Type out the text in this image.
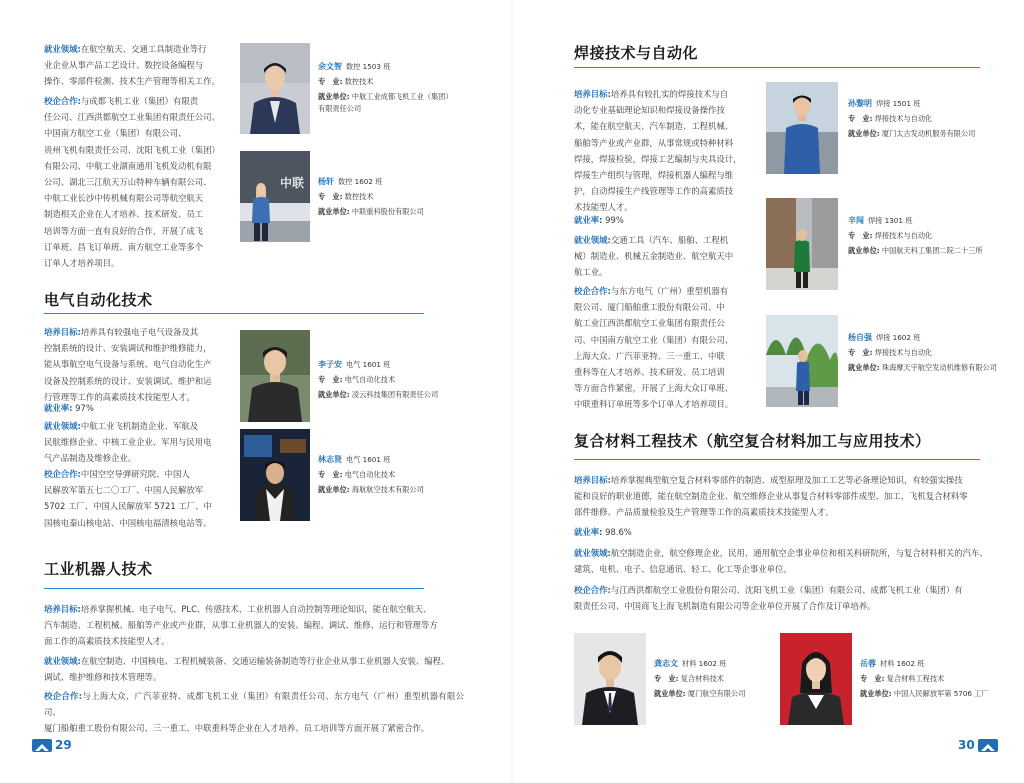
就业领域:在航空航天、交通工具制造业等行
业企业从事产品工艺设计、数控设备编程与
操作、零部件检测、技术生产管理等相关工作。
校企合作:与成都飞机工业（集团）有限责
任公司、江西洪都航空工业集团有限责任公司、
中国南方航空工业（集团）有限公司、
贵州飞机有限责任公司、沈阳飞机工业（集团）
有限公司、中航工业湖南通用飞机发动机有限
公司、湖北三江航天万山特种车辆有限公司、
中航工业长沙中传机械有限公司等航空航天
制造相关企业在人才培养、技术研发、员工
培训等方面一直有良好的合作，开展了成飞
订单班、昌飞订单班、南方航空工业等多个
订单人才培养项目。
余文智 数控 1503 班
专　业: 数控技术
就业单位: 中航工业成都飞机工业（集团）
有限责任公司
中联 杨轩 数控 1602 班
专　业: 数控技术
就业单位: 中联重科股份有限公司
电气自动化技术
培养目标:培养具有较强电子电气设备及其
控制系统的设计、安装调试和维护维修能力，
能从事航空电气设备与系统、电气自动化生产
设备及控制系统的设计、安装调试、维护和运
行管理等工作的高素质技术技能型人才。
就业率: 97%
就业领域:中航工业飞机制造企业、军航及
民航维修企业、中核工业企业、军用与民用电
气产品制造及维修企业。
校企合作:中国空空导弹研究院、中国人
民解放军第五七二〇工厂、中国人民解放军
5702 工厂、中国人民解放军 5721 工厂、中
国核电秦山核电站、中国核电福清核电站等。
李子安 电气 1601 班
专　业: 电气自动化技术
就业单位: 凌云科技集团有限责任公司
林志贤 电气 1601 班
专　业: 电气自动化技术
就业单位: 海航航空技术有限公司
工业机器人技术
培养目标:培养掌握机械、电子电气、PLC、传感技术、工业机器人自动控制等理论知识，能在航空航天、
汽车制造、工程机械、船舶等产业或产业群，从事工业机器人的安装、编程、调试、维修、运行和管理等方
面工作的高素质技术技能型人才。
就业领域:在航空制造、中国核电、工程机械装备、交通运输装备制造等行业企业从事工业机器人安装、编程、
调试、维护维修和技术管理等。
校企合作:与上海大众、广汽菲亚特、成都飞机工业（集团）有限责任公司、东方电气（广州）重型机器有限公司、
厦门船舶重工股份有限公司、三一重工、中联重科等企业在人才培养、员工培训等方面开展了紧密合作。
29
焊接技术与自动化
培养目标:培养具有较扎实的焊接技术与自
动化专业基础理论知识和焊接设备操作技
术，能在航空航天、汽车制造、工程机械、
船舶等产业或产业群，从事常规或特种材料
焊接，焊接检验，焊接工艺编制与夹具设计，
焊接生产组织与管理，焊接机器人编程与维
护，自动焊接生产线管理等工作的高素质技
术技能型人才。
就业率: 99%
就业领域:交通工具（汽车、船舶、工程机
械）制造业、机械五金制造业、航空航天中
航工业。
校企合作:与东方电气（广州）重型机器有
限公司、厦门船舶重工股份有限公司、中
航工业江西洪都航空工业集团有限责任公
司、中国南方航空工业（集团）有限公司、
上海大众、广汽菲亚特、三一重工、中联
重科等在人才培养、技术研发、员工培训
等方面合作紧密，开展了上海大众订单班、
中联重科订单班等多个订单人才培养项目。
孙黎明 焊接 1501 班
专　业: 焊接技术与自动化
就业单位: 厦门太古发动机服务有限公司
辛闯 焊接 1301 班
专　业: 焊接技术与自动化
就业单位: 中国航天科工集团二院二十三所
杨自强 焊接 1602 班
专　业: 焊接技术与自动化
就业单位: 珠海摩天宇航空发动机维修有限公司
复合材料工程技术（航空复合材料加工与应用技术）
培养目标:培养掌握典型航空复合材料零部件的制造、成型原理及加工工艺等必备理论知识，有较强实操技
能和良好的职业道德，能在航空制造企业、航空维修企业从事复合材料零部件成型、加工、飞机复合材料零
部件维修、产品质量检验及生产管理等工作的高素质技术技能型人才。
就业率: 98.6%
就业领域:航空制造企业，航空修理企业，民用、通用航空企事业单位和相关科研院所，与复合材料相关的汽车、
建筑、电机、电子、信息通讯、轻工、化工等企事业单位。
校企合作:与江西洪都航空工业股份有限公司、沈阳飞机工业（集团）有限公司、成都飞机工业（集团）有
限责任公司、中国商飞上海飞机制造有限公司等企业单位开展了合作及订单培养。
龚志文 材料 1602 班
专　业: 复合材料技术
就业单位: 厦门航空有限公司
岳蓉 材料 1602 班
专　业: 复合材料工程技术
就业单位: 中国人民解放军第 5706 工厂
30
